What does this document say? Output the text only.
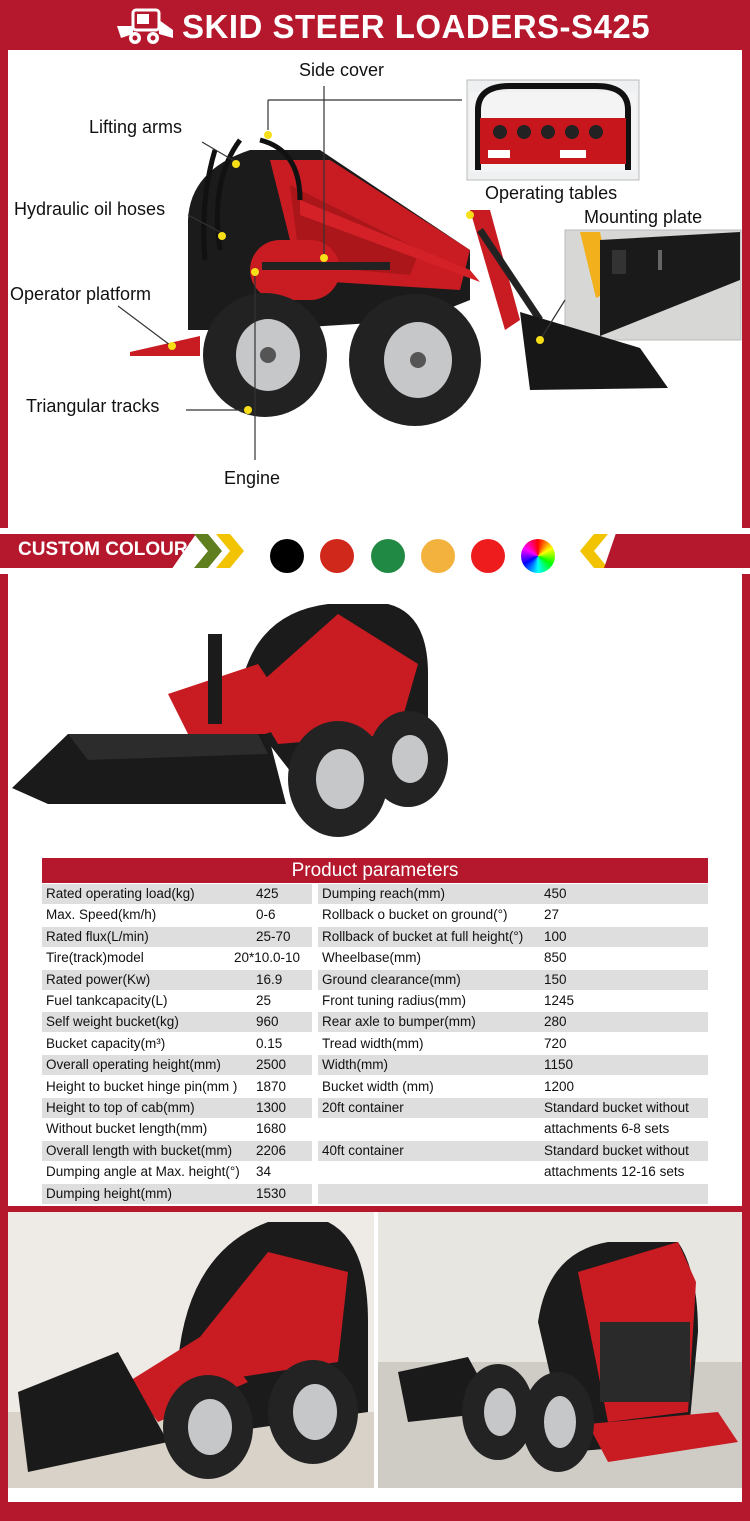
SKID STEER LOADERS-S425
Side cover
Lifting arms
Operating tables
Hydraulic oil hoses	Mounting plate
Operator platform
Triangular tracks
Engine
CUSTOM COLOURS
Product parameters
Rated operating load(kg)	425	Dumping reach(mm)	450
Max. Speed(km/h)	0-6	Rollback o bucket on ground(°)	27
Rated flux(L/min)	25-70 Rollback of bucket at full height(°) 100
Tire(track)model	20*10.0-10 Wheelbase(mm)	850
Rated power(Kw)	16.9	Ground clearance(mm)	150
Fuel tankcapacity(L)	25	Front tuning radius(mm)	1245
Self weight bucket(kg)	960	Rear axle to bumper(mm)	280
Bucket capacity(m³)	0.15	Tread width(mm)	720
Overall operating height(mm)	2500	Width(mm)	1150
Height to bucket hinge pin(mm ) 1870	Bucket width (mm)	1200
Height to top of cab(mm)	1300	20ft container	Standard bucket without
Without bucket length(mm)	1680	attachments 6-8 sets
Overall length with bucket(mm) 2206	40ft container	Standard bucket without
Dumping angle at Max. height(°) 34	attachments 12-16 sets
Dumping height(mm)	1530
